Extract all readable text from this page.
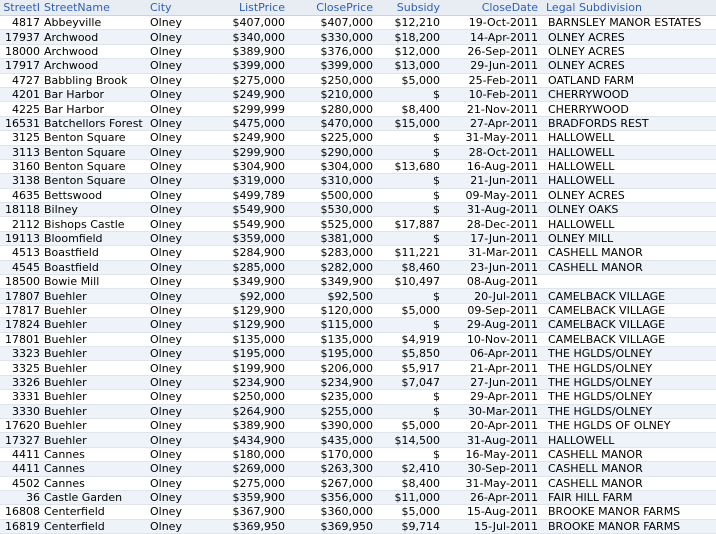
StreetI	StreetName	City	ListPrice	ClosePrice	Subsidy	CloseDate	Legal Subdivision
4817	Abbeyville	Olney	$407,000	$407,000	$12,210	19-Oct-2011	BARNSLEY MANOR ESTATES
17937	Archwood	Olney	$340,000	$330,000	$18,200	14-Apr-2011	OLNEY ACRES
18000	Archwood	Olney	$389,900	$376,000	$12,000	26-Sep-2011	OLNEY ACRES
17917	Archwood	Olney	$399,000	$399,000	$13,000	29-Jun-2011	OLNEY ACRES
4727	Babbling Brook	Olney	$275,000	$250,000	$5,000	25-Feb-2011	OATLAND FARM
4201	Bar Harbor	Olney	$249,900	$210,000	$	10-Feb-2011	CHERRYWOOD
4225	Bar Harbor	Olney	$299,999	$280,000	$8,400	21-Nov-2011	CHERRYWOOD
16531	Batchellors Forest	Olney	$475,000	$470,000	$15,000	27-Apr-2011	BRADFORDS REST
3125	Benton Square	Olney	$249,900	$225,000	$	31-May-2011	HALLOWELL
3113	Benton Square	Olney	$299,900	$290,000	$	28-Oct-2011	HALLOWELL
3160	Benton Square	Olney	$304,900	$304,000	$13,680	16-Aug-2011	HALLOWELL
3138	Benton Square	Olney	$319,000	$310,000	$	21-Jun-2011	HALLOWELL
4635	Bettswood	Olney	$499,789	$500,000	$	09-May-2011	OLNEY ACRES
18118	Bilney	Olney	$549,900	$530,000	$	31-Aug-2011	OLNEY OAKS
2112	Bishops Castle	Olney	$549,900	$525,000	$17,887	28-Dec-2011	HALLOWELL
19113	Bloomfield	Olney	$359,000	$381,000	$	17-Jun-2011	OLNEY MILL
4513	Boastfield	Olney	$284,900	$283,000	$11,221	31-Mar-2011	CASHELL MANOR
4545	Boastfield	Olney	$285,000	$282,000	$8,460	23-Jun-2011	CASHELL MANOR
18500	Bowie Mill	Olney	$349,900	$349,900	$10,497	08-Aug-2011	
17807	Buehler	Olney	$92,000	$92,500	$	20-Jul-2011	CAMELBACK VILLAGE
17817	Buehler	Olney	$129,900	$120,000	$5,000	09-Sep-2011	CAMELBACK VILLAGE
17824	Buehler	Olney	$129,900	$115,000	$	29-Aug-2011	CAMELBACK VILLAGE
17801	Buehler	Olney	$135,000	$135,000	$4,919	10-Nov-2011	CAMELBACK VILLAGE
3323	Buehler	Olney	$195,000	$195,000	$5,850	06-Apr-2011	THE HGLDS/OLNEY
3325	Buehler	Olney	$199,900	$206,000	$5,917	21-Apr-2011	THE HGLDS/OLNEY
3326	Buehler	Olney	$234,900	$234,900	$7,047	27-Jun-2011	THE HGLDS/OLNEY
3331	Buehler	Olney	$250,000	$235,000	$	29-Apr-2011	THE HGLDS/OLNEY
3330	Buehler	Olney	$264,900	$255,000	$	30-Mar-2011	THE HGLDS/OLNEY
17620	Buehler	Olney	$389,900	$390,000	$5,000	20-Apr-2011	THE HGLDS OF OLNEY
17327	Buehler	Olney	$434,900	$435,000	$14,500	31-Aug-2011	HALLOWELL
4411	Cannes	Olney	$180,000	$170,000	$	16-May-2011	CASHELL MANOR
4411	Cannes	Olney	$269,000	$263,300	$2,410	30-Sep-2011	CASHELL MANOR
4502	Cannes	Olney	$275,000	$267,000	$8,400	31-May-2011	CASHELL MANOR
36	Castle Garden	Olney	$359,900	$356,000	$11,000	26-Apr-2011	FAIR HILL FARM
16808	Centerfield	Olney	$367,900	$360,000	$5,000	15-Aug-2011	BROOKE MANOR FARMS
16819	Centerfield	Olney	$369,950	$369,950	$9,714	15-Jul-2011	BROOKE MANOR FARMS
